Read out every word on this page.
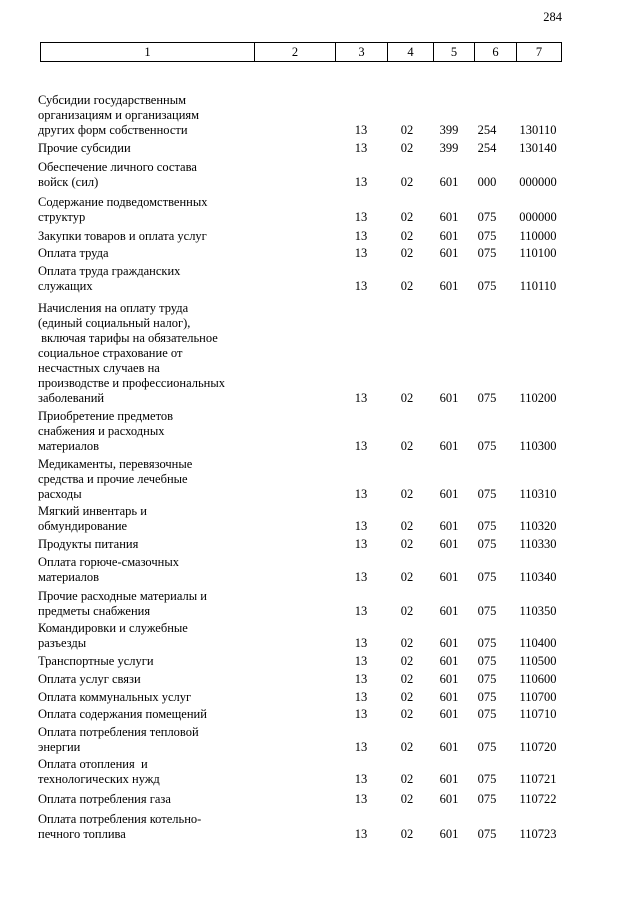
284
1	2	3	4	5	6	7
Субсидии государственным
организациям и организациям
других форм собственности	13	02	399	254	130110
Прочие субсидии	13	02	399	254	130140
Обеспечение личного состава
войск (сил)	13	02	601	000	000000
Содержание подведомственных
структур	13	02	601	075	000000
Закупки товаров и оплата услуг	13	02	601	075	110000
Оплата труда	13	02	601	075	110100
Оплата труда гражданских
служащих	13	02	601	075	110110
Начисления на оплату труда
(единый социальный налог),
включая тарифы на обязательное
социальное страхование от
несчастных случаев на
производстве и профессиональных
заболеваний	13	02	601	075	110200
Приобретение предметов
снабжения и расходных
материалов	13	02	601	075	110300
Медикаменты, перевязочные
средства и прочие лечебные
расходы	13	02	601	075	110310
Мягкий инвентарь и
обмундирование	13	02	601	075	110320
Продукты питания	13	02	601	075	110330
Оплата горюче-смазочных
материалов	13	02	601	075	110340
Прочие расходные материалы и
предметы снабжения	13	02	601	075	110350
Командировки и служебные
разъезды	13	02	601	075	110400
Транспортные услуги	13	02	601	075	110500
Оплата услуг связи	13	02	601	075	110600
Оплата коммунальных услуг	13	02	601	075	110700
Оплата содержания помещений	13	02	601	075	110710
Оплата потребления тепловой
энергии	13	02	601	075	110720
Оплата отопления  и
технологических нужд	13	02	601	075	110721
Оплата потребления газа	13	02	601	075	110722
Оплата потребления котельно-
печного топлива	13	02	601	075	110723
